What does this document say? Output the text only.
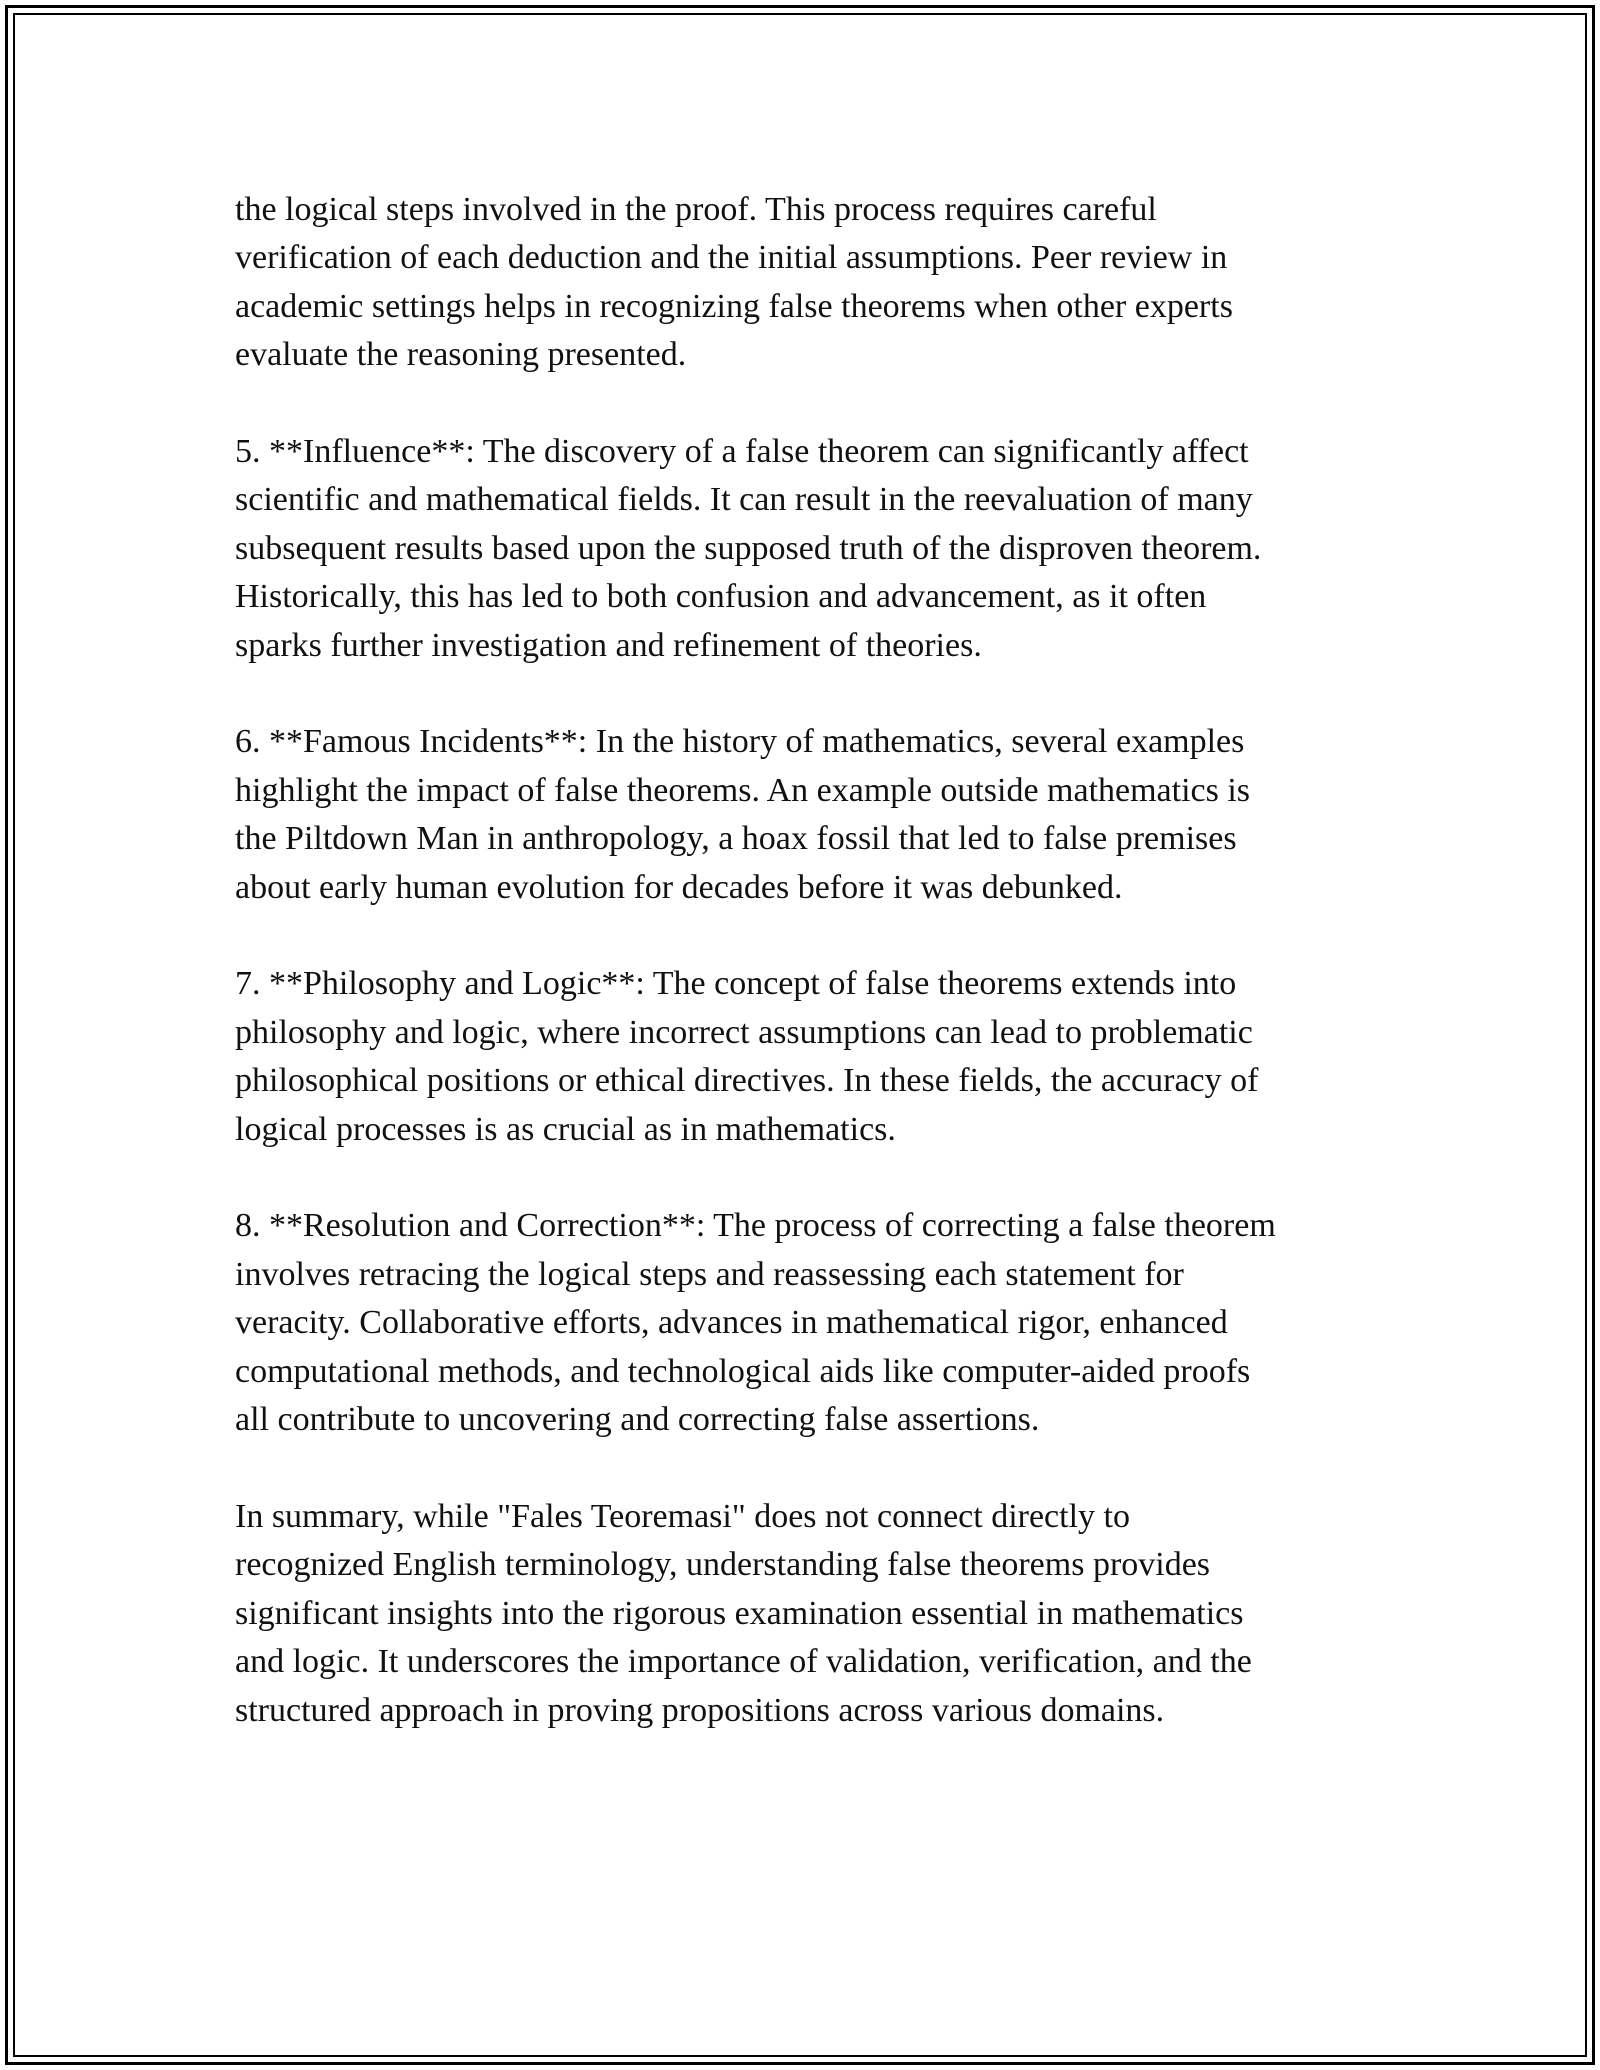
the logical steps involved in the proof. This process requires careful
verification of each deduction and the initial assumptions. Peer review in
academic settings helps in recognizing false theorems when other experts
evaluate the reasoning presented.

5. **Influence**: The discovery of a false theorem can significantly affect
scientific and mathematical fields. It can result in the reevaluation of many
subsequent results based upon the supposed truth of the disproven theorem.
Historically, this has led to both confusion and advancement, as it often
sparks further investigation and refinement of theories.

6. **Famous Incidents**: In the history of mathematics, several examples
highlight the impact of false theorems. An example outside mathematics is
the Piltdown Man in anthropology, a hoax fossil that led to false premises
about early human evolution for decades before it was debunked.

7. **Philosophy and Logic**: The concept of false theorems extends into
philosophy and logic, where incorrect assumptions can lead to problematic
philosophical positions or ethical directives. In these fields, the accuracy of
logical processes is as crucial as in mathematics.

8. **Resolution and Correction**: The process of correcting a false theorem
involves retracing the logical steps and reassessing each statement for
veracity. Collaborative efforts, advances in mathematical rigor, enhanced
computational methods, and technological aids like computer-aided proofs
all contribute to uncovering and correcting false assertions.

In summary, while "Fales Teoremasi" does not connect directly to
recognized English terminology, understanding false theorems provides
significant insights into the rigorous examination essential in mathematics
and logic. It underscores the importance of validation, verification, and the
structured approach in proving propositions across various domains.
